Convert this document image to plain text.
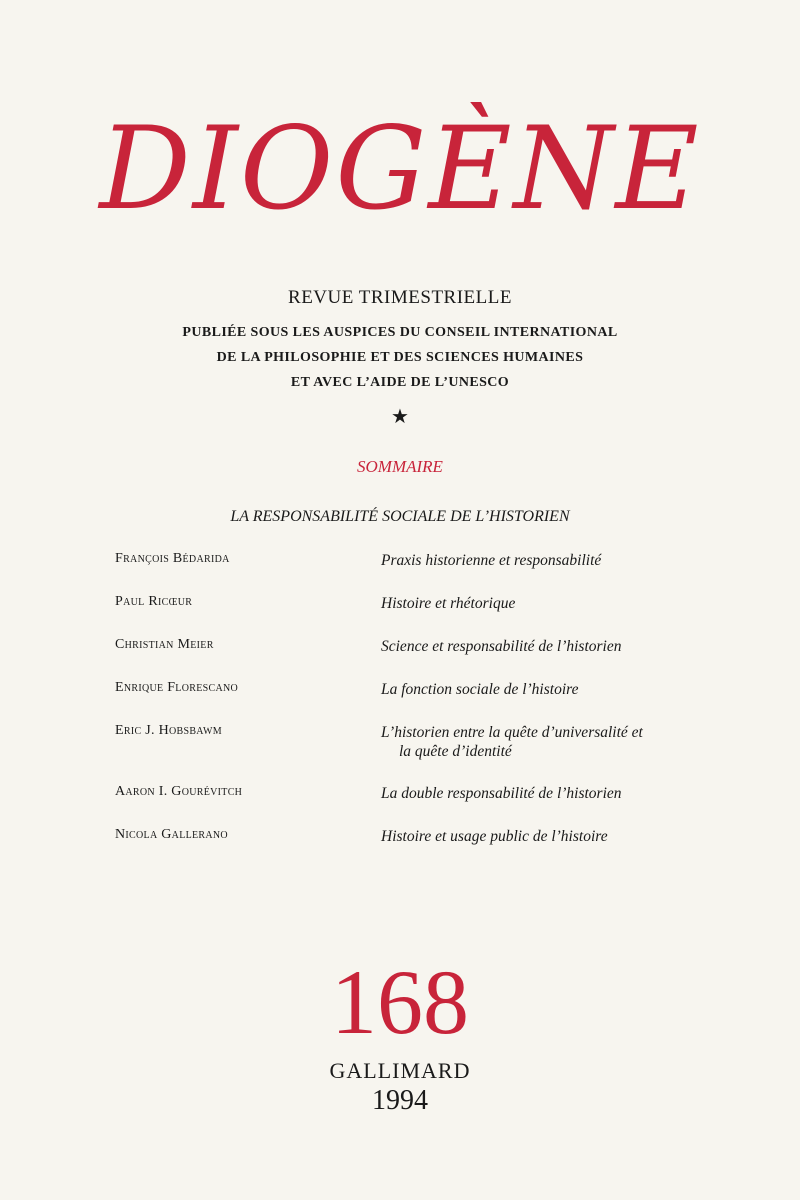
DIOGÈNE
REVUE TRIMESTRIELLE
PUBLIÉE SOUS LES AUSPICES DU CONSEIL INTERNATIONAL
DE LA PHILOSOPHIE ET DES SCIENCES HUMAINES
ET AVEC L’AIDE DE L’UNESCO
★
SOMMAIRE
LA RESPONSABILITÉ SOCIALE DE L’HISTORIEN
François Bédarida	Praxis historienne et responsabilité
Paul Ricœur	Histoire et rhétorique
Christian Meier	Science et responsabilité de l’historien
Enrique Florescano	La fonction sociale de l’histoire
Eric J. Hobsbawm	L’historien entre la quête d’universalité et
la quête d’identité
Aaron I. Gourévitch	La double responsabilité de l’historien
Nicola Gallerano	Histoire et usage public de l’histoire
168
GALLIMARD
1994
